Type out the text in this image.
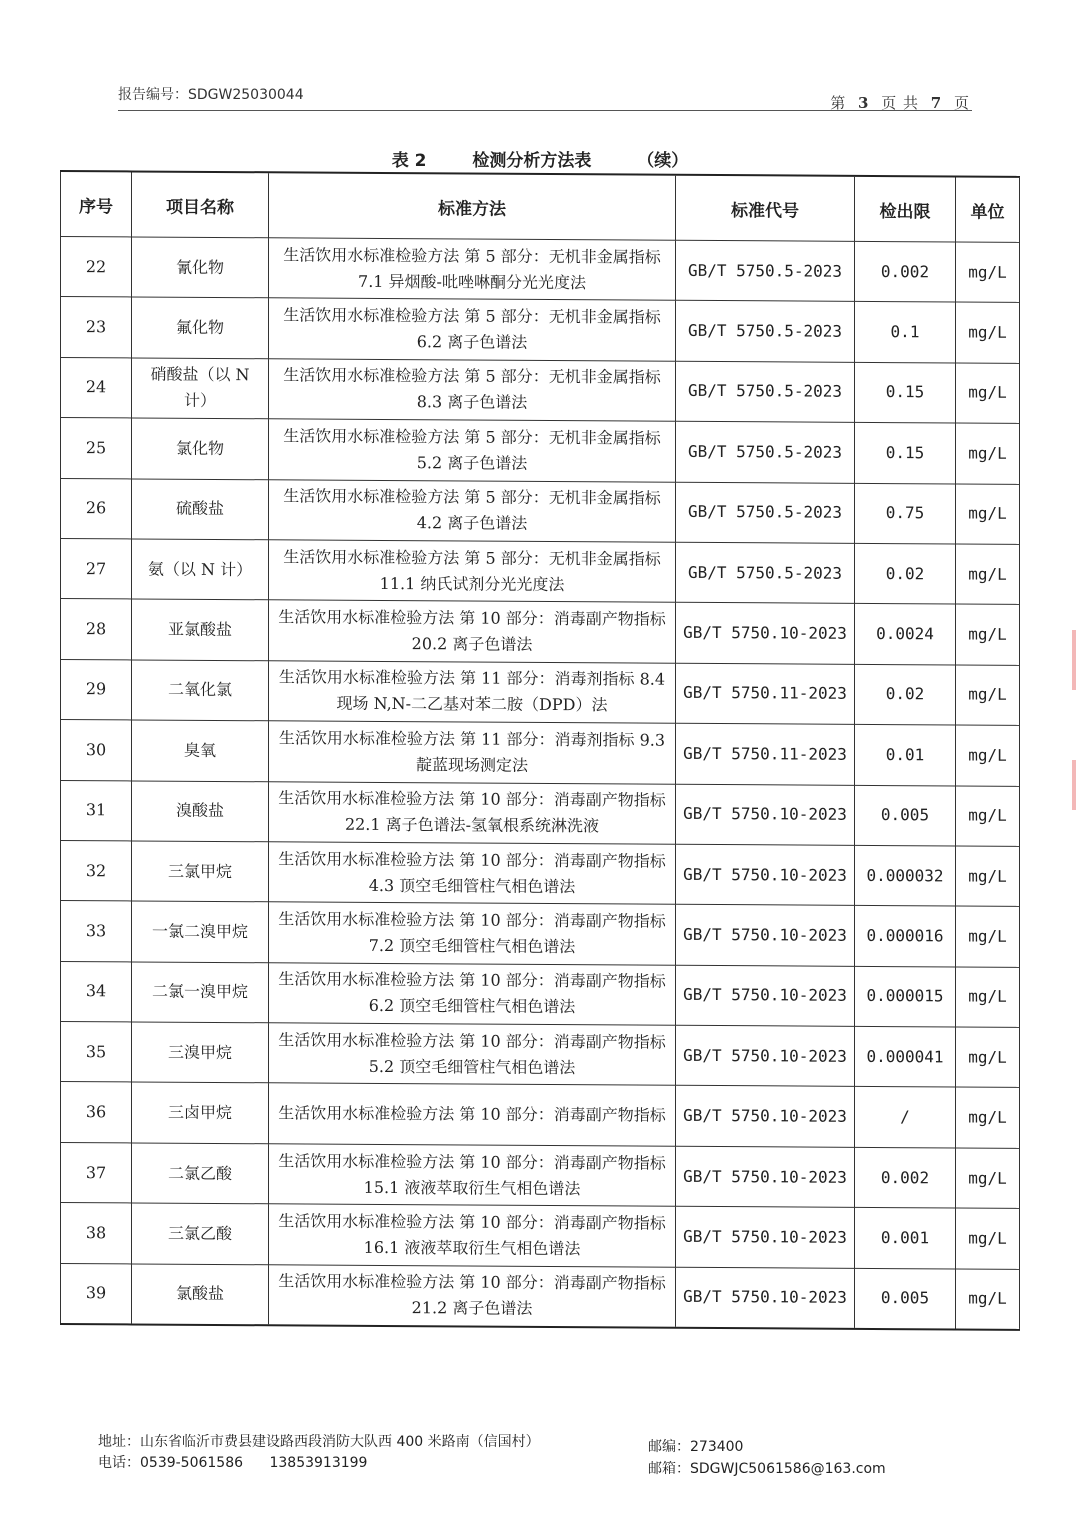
报告编号：SDGW25030044	第 3 页 共 7 页
表 2	检测分析方法表	（续）
序号	项目名称	标准方法	标准代号	检出限	单位
22	氰化物	生活饮用水标准检验方法 第 5 部分：无机非金属指标 7.1 异烟酸-吡唑啉酮分光光度法	GB/T 5750.5-2023	0.002	mg/L
23	氟化物	生活饮用水标准检验方法 第 5 部分：无机非金属指标 6.2 离子色谱法	GB/T 5750.5-2023	0.1	mg/L
24	硝酸盐（以 N 计）	生活饮用水标准检验方法 第 5 部分：无机非金属指标 8.3 离子色谱法	GB/T 5750.5-2023	0.15	mg/L
25	氯化物	生活饮用水标准检验方法 第 5 部分：无机非金属指标 5.2 离子色谱法	GB/T 5750.5-2023	0.15	mg/L
26	硫酸盐	生活饮用水标准检验方法 第 5 部分：无机非金属指标 4.2 离子色谱法	GB/T 5750.5-2023	0.75	mg/L
27	氨（以 N 计）	生活饮用水标准检验方法 第 5 部分：无机非金属指标 11.1 纳氏试剂分光光度法	GB/T 5750.5-2023	0.02	mg/L
28	亚氯酸盐	生活饮用水标准检验方法 第 10 部分：消毒副产物指标 20.2 离子色谱法	GB/T 5750.10-2023	0.0024	mg/L
29	二氧化氯	生活饮用水标准检验方法 第 11 部分：消毒剂指标 8.4 现场 N,N-二乙基对苯二胺（DPD）法	GB/T 5750.11-2023	0.02	mg/L
30	臭氧	生活饮用水标准检验方法 第 11 部分：消毒剂指标 9.3 靛蓝现场测定法	GB/T 5750.11-2023	0.01	mg/L
31	溴酸盐	生活饮用水标准检验方法 第 10 部分：消毒副产物指标 22.1 离子色谱法-氢氧根系统淋洗液	GB/T 5750.10-2023	0.005	mg/L
32	三氯甲烷	生活饮用水标准检验方法 第 10 部分：消毒副产物指标 4.3 顶空毛细管柱气相色谱法	GB/T 5750.10-2023	0.000032	mg/L
33	一氯二溴甲烷	生活饮用水标准检验方法 第 10 部分：消毒副产物指标 7.2 顶空毛细管柱气相色谱法	GB/T 5750.10-2023	0.000016	mg/L
34	二氯一溴甲烷	生活饮用水标准检验方法 第 10 部分：消毒副产物指标 6.2 顶空毛细管柱气相色谱法	GB/T 5750.10-2023	0.000015	mg/L
35	三溴甲烷	生活饮用水标准检验方法 第 10 部分：消毒副产物指标 5.2 顶空毛细管柱气相色谱法	GB/T 5750.10-2023	0.000041	mg/L
36	三卤甲烷	生活饮用水标准检验方法 第 10 部分：消毒副产物指标	GB/T 5750.10-2023	/	mg/L
37	二氯乙酸	生活饮用水标准检验方法 第 10 部分：消毒副产物指标 15.1 液液萃取衍生气相色谱法	GB/T 5750.10-2023	0.002	mg/L
38	三氯乙酸	生活饮用水标准检验方法 第 10 部分：消毒副产物指标 16.1 液液萃取衍生气相色谱法	GB/T 5750.10-2023	0.001	mg/L
39	氯酸盐	生活饮用水标准检验方法 第 10 部分：消毒副产物指标 21.2 离子色谱法	GB/T 5750.10-2023	0.005	mg/L
地址：山东省临沂市费县建设路西段消防大队西 400 米路南（信国村）
电话：0539-5061586 13853913199
邮编：273400
邮箱：SDGWJC5061586@163.com
